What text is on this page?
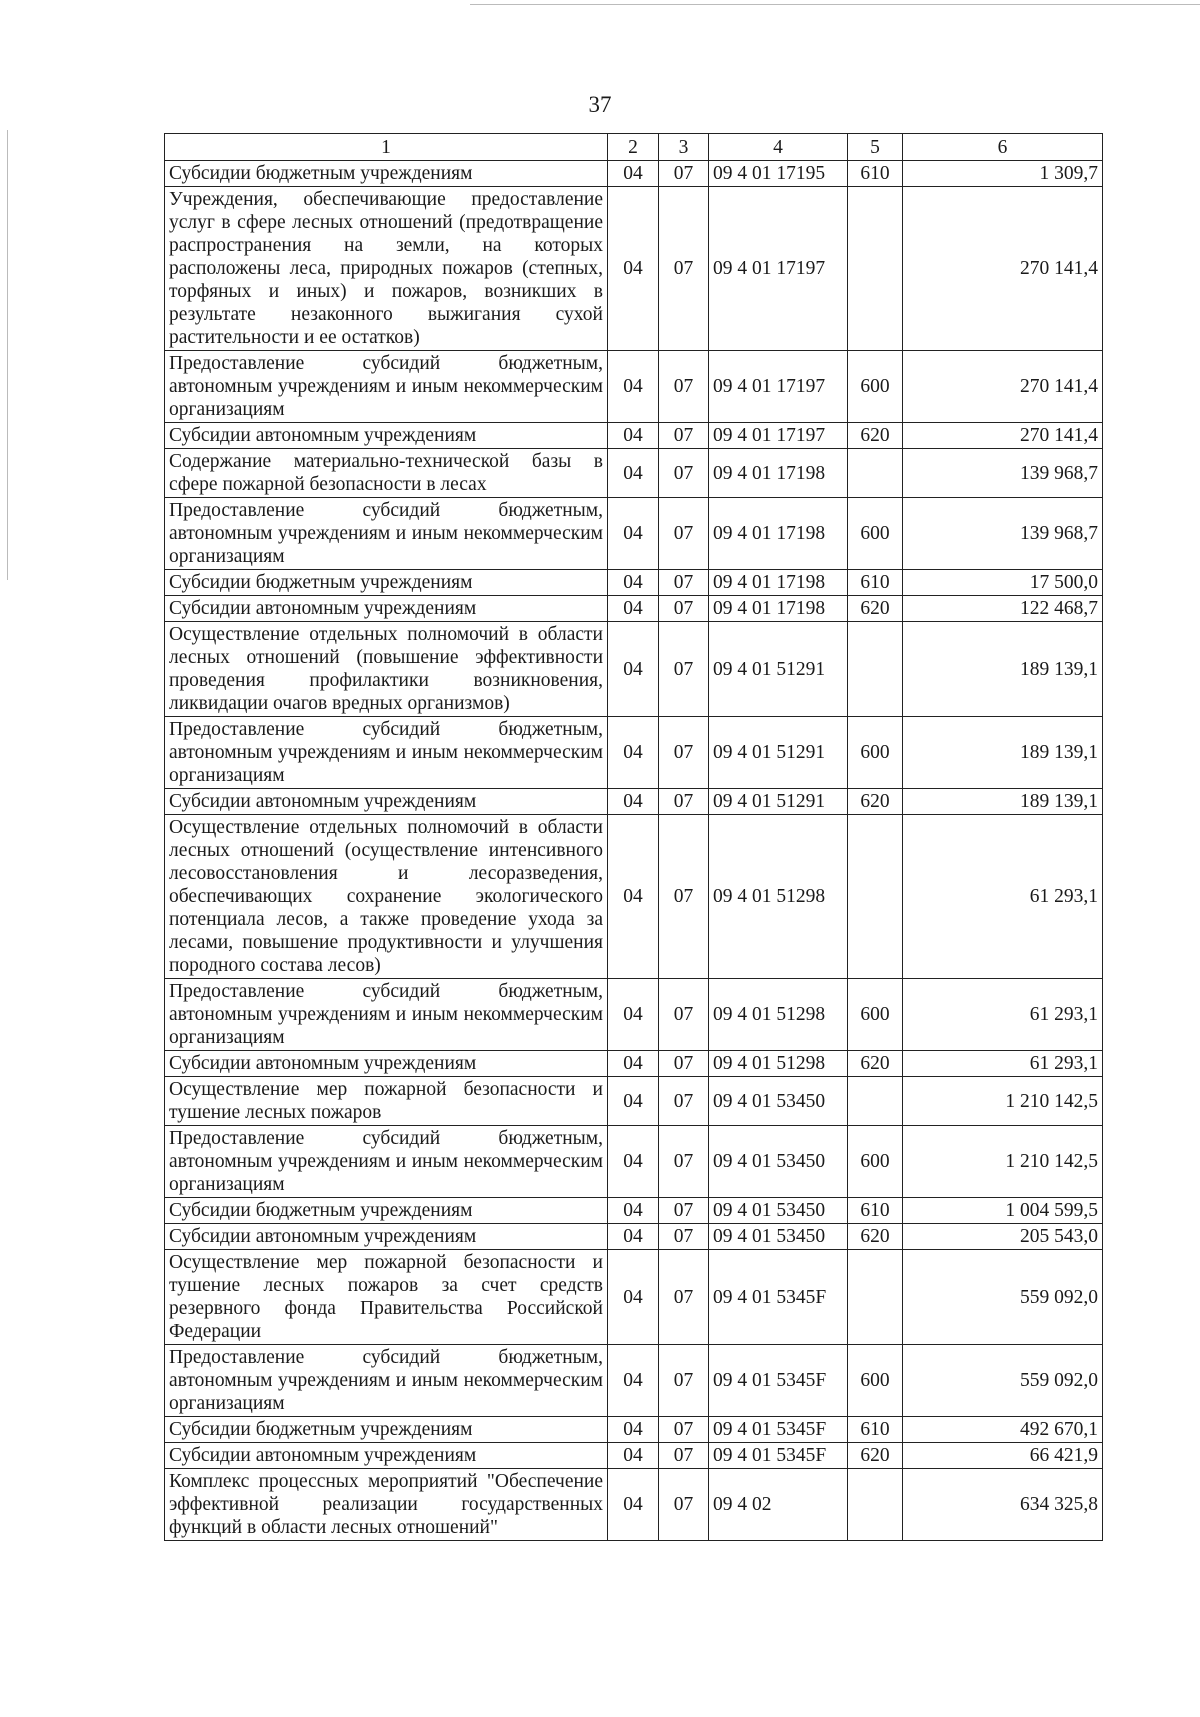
37
1	2	3	4	5	6
Субсидии бюджетным учреждениям	04	07	09 4 01 17195	610	1 309,7
Учреждения, обеспечивающие предоставление услуг в сфере лесных отношений (предотвращение распространения на земли, на которых расположены леса, природных пожаров (степных, торфяных и иных) и пожаров, возникших в результате незаконного выжигания сухой растительности и ее остатков)	04	07	09 4 01 17197		270 141,4
Предоставление субсидий бюджетным, автономным учреждениям и иным некоммерческим организациям	04	07	09 4 01 17197	600	270 141,4
Субсидии автономным учреждениям	04	07	09 4 01 17197	620	270 141,4
Содержание материально-технической базы в сфере пожарной безопасности в лесах	04	07	09 4 01 17198		139 968,7
Предоставление субсидий бюджетным, автономным учреждениям и иным некоммерческим организациям	04	07	09 4 01 17198	600	139 968,7
Субсидии бюджетным учреждениям	04	07	09 4 01 17198	610	17 500,0
Субсидии автономным учреждениям	04	07	09 4 01 17198	620	122 468,7
Осуществление отдельных полномочий в области лесных отношений (повышение эффективности проведения профилактики возникновения, ликвидации очагов вредных организмов)	04	07	09 4 01 51291		189 139,1
Предоставление субсидий бюджетным, автономным учреждениям и иным некоммерческим организациям	04	07	09 4 01 51291	600	189 139,1
Субсидии автономным учреждениям	04	07	09 4 01 51291	620	189 139,1
Осуществление отдельных полномочий в области лесных отношений (осуществление интенсивного лесовосстановления и лесоразведения, обеспечивающих сохранение экологического потенциала лесов, а также проведение ухода за лесами, повышение продуктивности и улучшения породного состава лесов)	04	07	09 4 01 51298		61 293,1
Предоставление субсидий бюджетным, автономным учреждениям и иным некоммерческим организациям	04	07	09 4 01 51298	600	61 293,1
Субсидии автономным учреждениям	04	07	09 4 01 51298	620	61 293,1
Осуществление мер пожарной безопасности и тушение лесных пожаров	04	07	09 4 01 53450		1 210 142,5
Предоставление субсидий бюджетным, автономным учреждениям и иным некоммерческим организациям	04	07	09 4 01 53450	600	1 210 142,5
Субсидии бюджетным учреждениям	04	07	09 4 01 53450	610	1 004 599,5
Субсидии автономным учреждениям	04	07	09 4 01 53450	620	205 543,0
Осуществление мер пожарной безопасности и тушение лесных пожаров за счет средств резервного фонда Правительства Российской Федерации	04	07	09 4 01 5345F		559 092,0
Предоставление субсидий бюджетным, автономным учреждениям и иным некоммерческим организациям	04	07	09 4 01 5345F	600	559 092,0
Субсидии бюджетным учреждениям	04	07	09 4 01 5345F	610	492 670,1
Субсидии автономным учреждениям	04	07	09 4 01 5345F	620	66 421,9
Комплекс процессных мероприятий "Обеспечение эффективной реализации государственных функций в области лесных отношений"	04	07	09 4 02		634 325,8
